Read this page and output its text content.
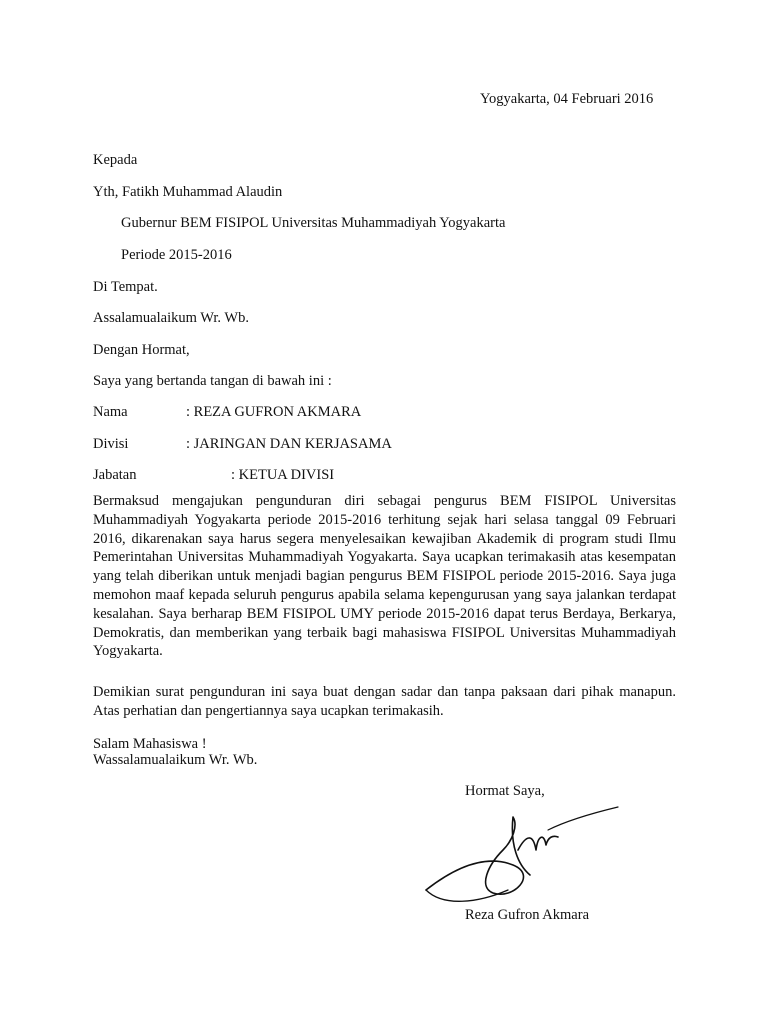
Yogyakarta, 04 Februari 2016
Kepada
Yth, Fatikh Muhammad Alaudin
Gubernur BEM FISIPOL Universitas Muhammadiyah Yogyakarta
Periode 2015-2016
Di Tempat.
Assalamualaikum Wr. Wb.
Dengan Hormat,
Saya yang bertanda tangan di bawah ini :
Nama	: REZA GUFRON AKMARA
Divisi	: JARINGAN DAN KERJASAMA
Jabatan	: KETUA DIVISI
Bermaksud mengajukan pengunduran diri sebagai pengurus BEM FISIPOL Universitas Muhammadiyah Yogyakarta periode 2015-2016 terhitung sejak hari selasa tanggal 09 Februari 2016, dikarenakan saya harus segera menyelesaikan kewajiban Akademik di program studi Ilmu Pemerintahan Universitas Muhammadiyah Yogyakarta. Saya ucapkan terimakasih atas kesempatan yang telah diberikan untuk menjadi bagian pengurus BEM FISIPOL periode 2015-2016. Saya juga memohon maaf kepada seluruh pengurus apabila selama kepengurusan yang saya jalankan terdapat kesalahan. Saya berharap BEM FISIPOL UMY periode 2015-2016 dapat terus Berdaya, Berkarya, Demokratis, dan memberikan yang terbaik bagi mahasiswa FISIPOL Universitas Muhammadiyah Yogyakarta.
Demikian surat pengunduran ini saya buat dengan sadar dan tanpa paksaan dari pihak manapun. Atas perhatian dan pengertiannya saya ucapkan terimakasih.
Salam Mahasiswa !
Wassalamualaikum Wr. Wb.
Hormat Saya,
Reza Gufron Akmara
